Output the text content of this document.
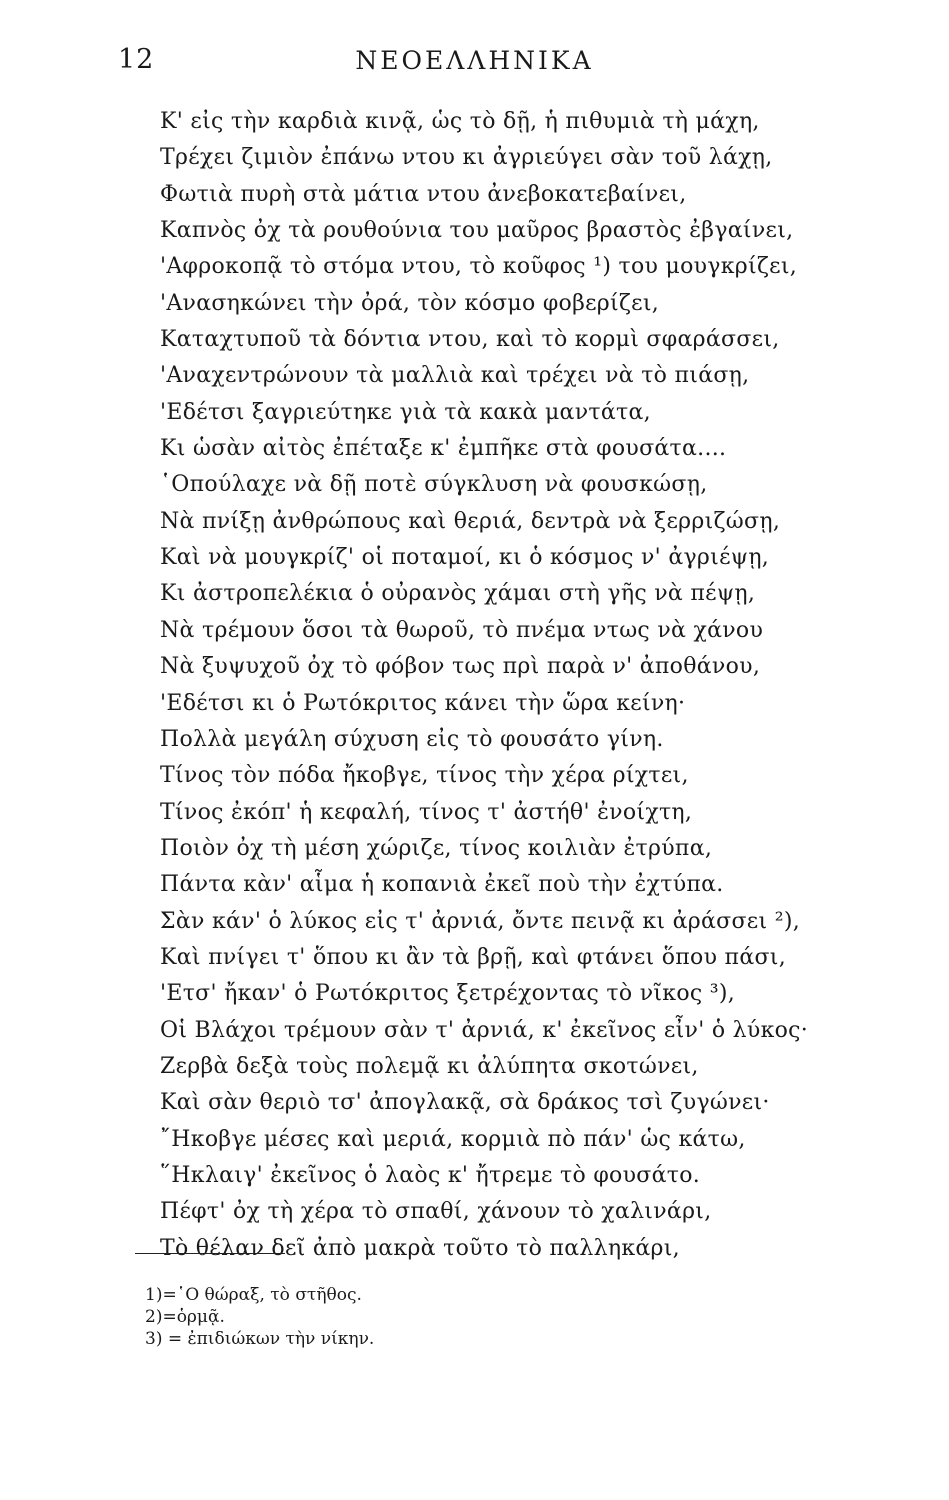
12	ΝΕΟΕΛΛΗΝΙΚΑ
Κ' εἰς τὴν καρδιὰ κινᾷ, ὡς τὸ δῇ, ἡ πιθυμιὰ τὴ μάχη,
Τρέχει ζιμιὸν ἐπάνω ντου κι ἀγριεύγει σὰν τοῦ λάχῃ,
Φωτιὰ πυρὴ στὰ μάτια ντου ἀνεβοκατεβαίνει,
Καπνὸς ὀχ τὰ ρουθούνια του μαῦρος βραστὸς ἐβγαίνει,
'Αφροκοπᾷ τὸ στόμα ντου, τὸ κοῦφος ¹) του μουγκρίζει,
'Ανασηκώνει τὴν ὀρά, τὸν κόσμο φοβερίζει,
Καταχτυποῦ τὰ δόντια ντου, καὶ τὸ κορμὶ σφαράσσει,
'Αναχεντρώνουν τὰ μαλλιὰ καὶ τρέχει νὰ τὸ πιάσῃ,
'Εδέτσι ξαγριεύτηκε γιὰ τὰ κακὰ μαντάτα,
Κι ὡσὰν αἰτὸς ἐπέταξε κ' ἐμπῆκε στὰ φουσάτα....
῾Οπούλαχε νὰ δῇ ποτὲ σύγκλυση νὰ φουσκώσῃ,
Νὰ πνίξῃ ἀνθρώπους καὶ θεριά, δεντρὰ νὰ ξερριζώσῃ,
Καὶ νὰ μουγκρίζ' οἱ ποταμοί, κι ὁ κόσμος ν' ἀγριέψῃ,
Κι ἀστροπελέκια ὁ οὐρανὸς χάμαι στὴ γῆς νὰ πέψῃ,
Νὰ τρέμουν ὅσοι τὰ θωροῦ, τὸ πνέμα ντως νὰ χάνου
Νὰ ξυψυχοῦ ὀχ τὸ φόβον τως πρὶ παρὰ ν' ἀποθάνου,
'Εδέτσι κι ὁ Ρωτόκριτος κάνει τὴν ὥρα κείνη·
Πολλὰ μεγάλη σύχυση εἰς τὸ φουσάτο γίνη.
Τίνος τὸν πόδα ἤκοβγε, τίνος τὴν χέρα ρίχτει,
Τίνος ἐκόπ' ἡ κεφαλή, τίνος τ' ἀστήθ' ἐνοίχτη,
Ποιὸν ὀχ τὴ μέση χώριζε, τίνος κοιλιὰν ἐτρύπα,
Πάντα κὰν' αἷμα ἡ κοπανιὰ ἐκεῖ ποὺ τὴν ἐχτύπα.
Σὰν κάν' ὁ λύκος εἰς τ' ἀρνιά, ὄντε πεινᾷ κι ἀράσσει ²),
Καὶ πνίγει τ' ὅπου κι ἂν τὰ βρῇ, καὶ φτάνει ὅπου πάσι,
'Ετσ' ἤκαν' ὁ Ρωτόκριτος ξετρέχοντας τὸ νῖκος ³),
Οἱ Βλάχοι τρέμουν σὰν τ' ἀρνιά, κ' ἐκεῖνος εἶν' ὁ λύκος·
Ζερβὰ δεξὰ τοὺς πολεμᾷ κι ἀλύπητα σκοτώνει,
Καὶ σὰν θεριὸ τσ' ἀπογλακᾷ, σὰ δράκος τσὶ ζυγώνει·
῎Ηκοβγε μέσες καὶ μεριά, κορμιὰ πὸ πάν' ὡς κάτω,
῞Ηκλαιγ' ἐκεῖνος ὁ λαὸς κ' ἤτρεμε τὸ φουσάτο.
Πέφτ' ὀχ τὴ χέρα τὸ σπαθί, χάνουν τὸ χαλινάρι,
Τὸ θέλαν δεῖ ἀπὸ μακρὰ τοῦτο τὸ παλληκάρι,
1)=῾Ο θώραξ, τὸ στῆθος.
2)=ὁρμᾷ.
3) = ἐπιδιώκων τὴν νίκην.
